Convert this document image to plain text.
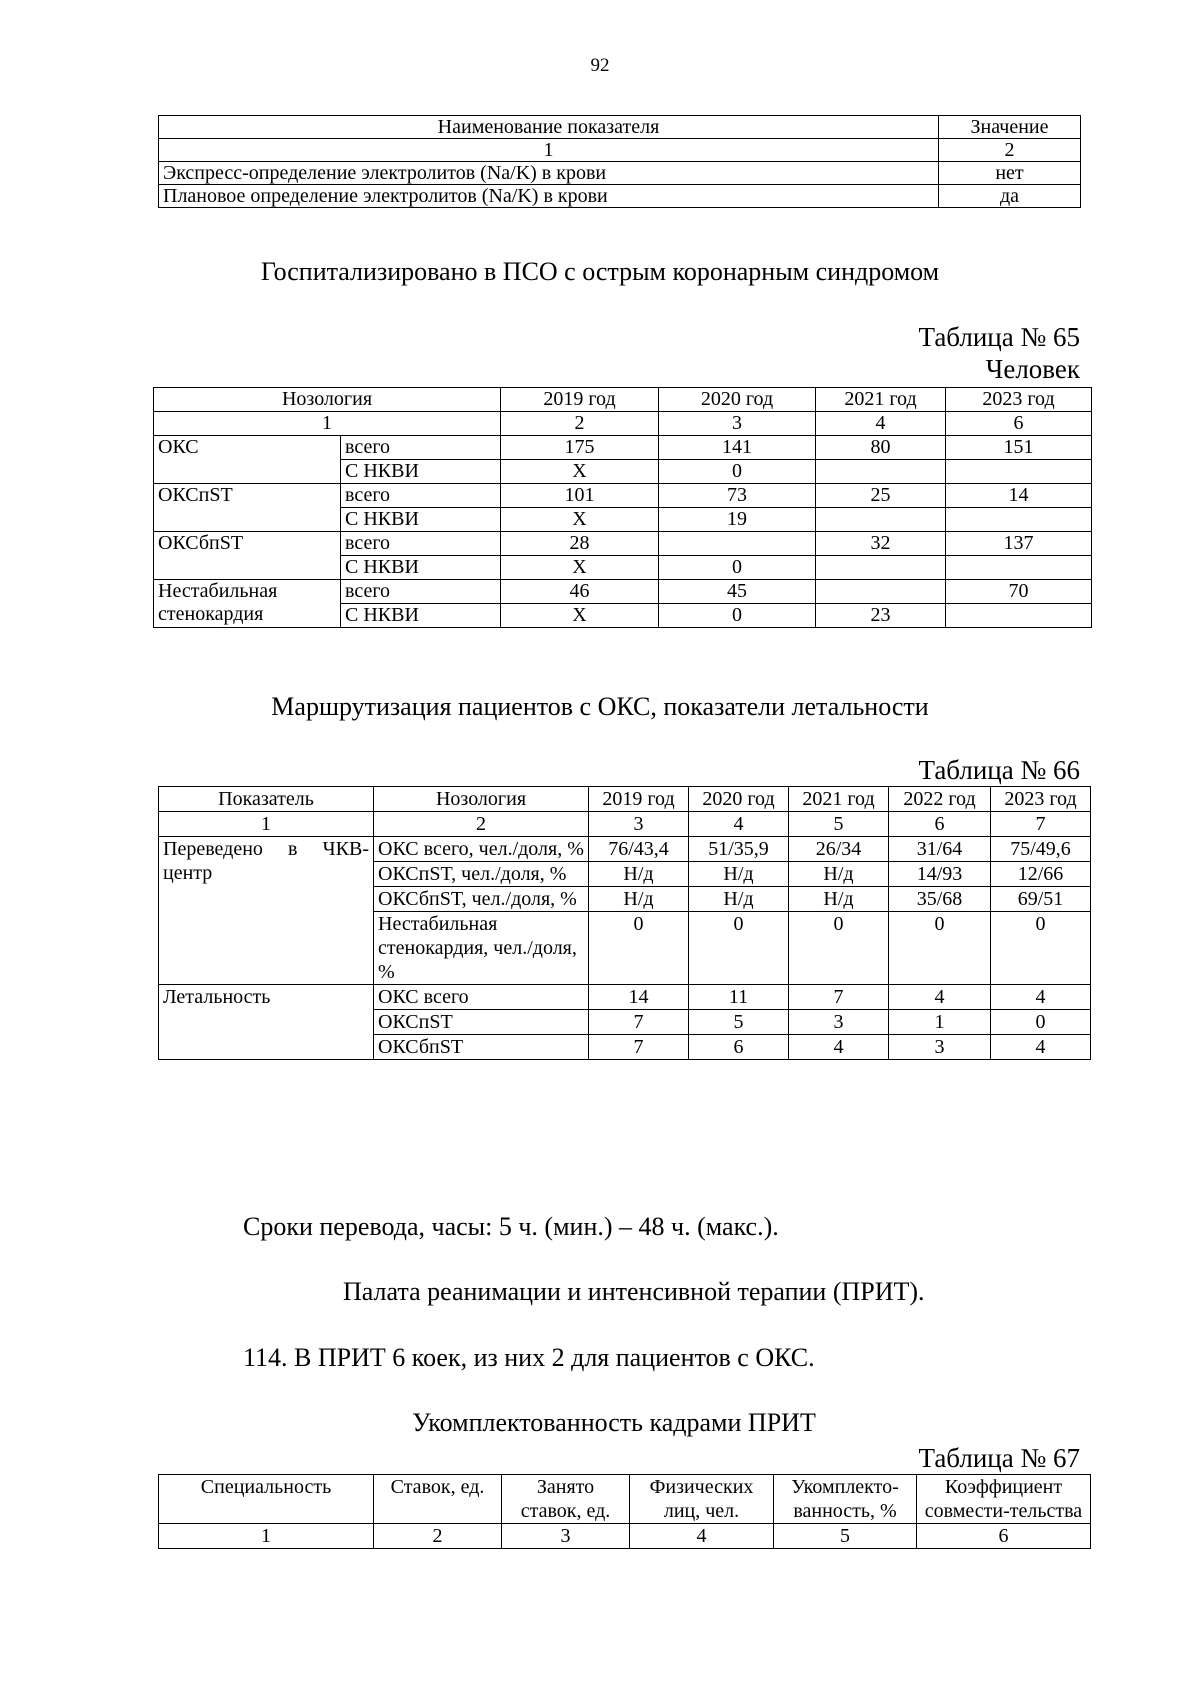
92
Наименование показателя	Значение
1	2
Экспресс-определение электролитов (Na/K) в крови	нет
Плановое определение электролитов (Na/K) в крови	да
Госпитализировано в ПСО с острым коронарным синдромом
Таблица № 65
Человек
Нозология		2019 год	2020 год	2021 год	2023 год
1		2	3	4	6
ОКС	всего	175	141	80	151
	С НКВИ	Х	0		
ОКСпST	всего	101	73	25	14
	С НКВИ	Х	19		
ОКСбпST	всего	28		32	137
	С НКВИ	Х	0		
Нестабильная стенокардия	всего	46	45		70
	С НКВИ	Х	0	23	
Маршрутизация пациентов с ОКС, показатели летальности
Таблица № 66
Показатель	Нозология	2019 год	2020 год	2021 год	2022 год	2023 год
1	2	3	4	5	6	7
Переведено в ЧКВ-центр	ОКС всего, чел./доля, %	76/43,4	51/35,9	26/34	31/64	75/49,6
	ОКСпST, чел./доля, %	Н/д	Н/д	Н/д	14/93	12/66
	ОКСбпST, чел./доля, %	Н/д	Н/д	Н/д	35/68	69/51
	Нестабильная стенокардия, чел./доля, %	0	0	0	0	0
Летальность	ОКС всего	14	11	7	4	4
	ОКСпST	7	5	3	1	0
	ОКСбпST	7	6	4	3	4
Сроки перевода, часы: 5 ч. (мин.) – 48 ч. (макс.).
Палата реанимации и интенсивной терапии (ПРИТ).
114. В ПРИТ 6 коек, из них 2 для пациентов с ОКС.
Укомплектованность кадрами ПРИТ
Таблица № 67
Специальность	Ставок, ед.	Занято ставок, ед.	Физических лиц, чел.	Укомплекто-ванность, %	Коэффициент совмести-тельства
1	2	3	4	5	6
